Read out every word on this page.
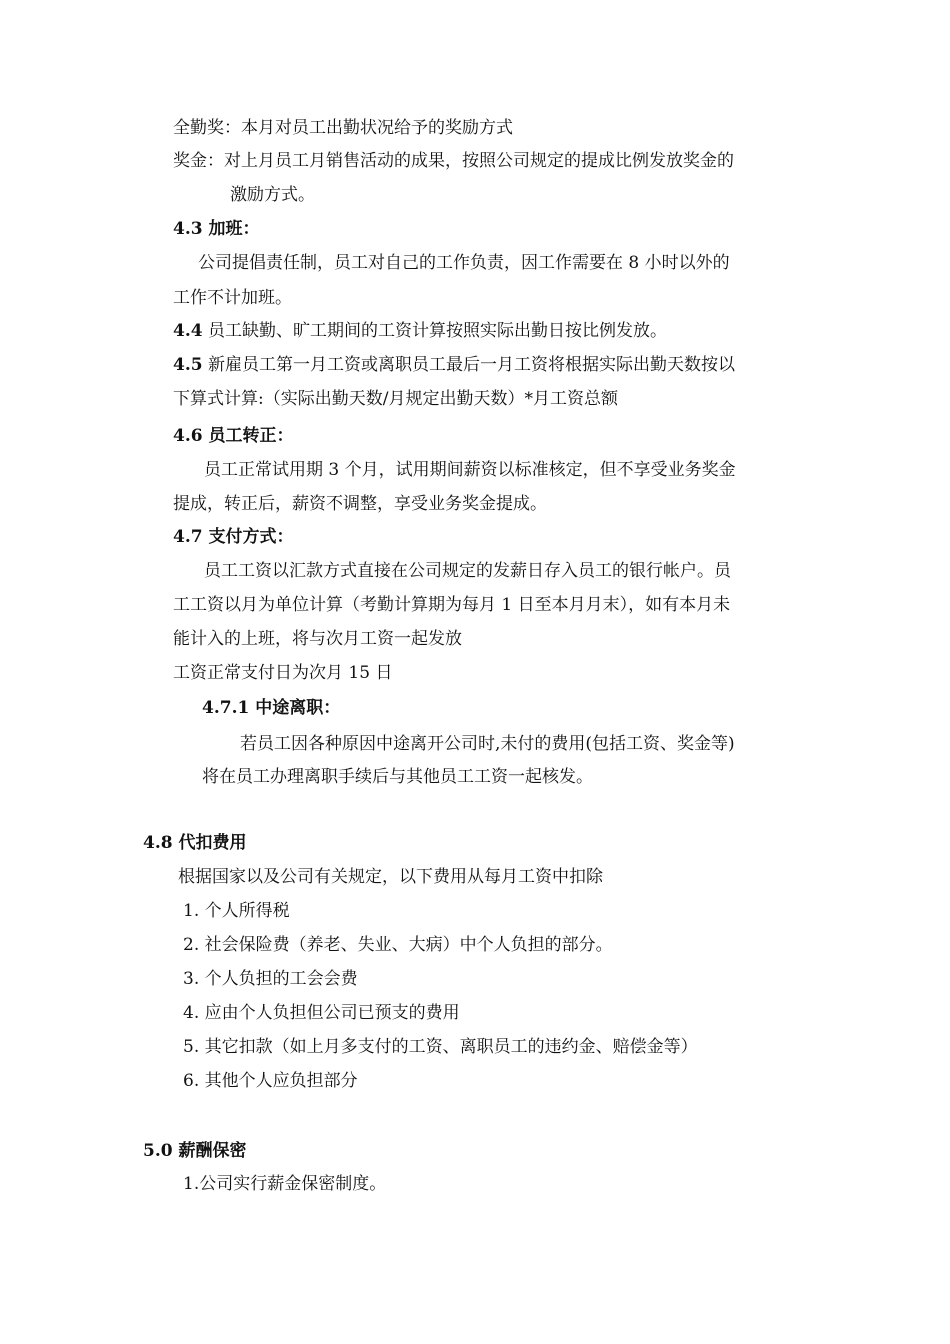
全勤奖：本月对员工出勤状况给予的奖励方式
奖金：对上月员工月销售活动的成果，按照公司规定的提成比例发放奖金的
激励方式。
4.3 加班：
公司提倡责任制，员工对自己的工作负责，因工作需要在 8 小时以外的
工作不计加班。
4.4 员工缺勤、旷工期间的工资计算按照实际出勤日按比例发放。
4.5 新雇员工第一月工资或离职员工最后一月工资将根据实际出勤天数按以
下算式计算:（实际出勤天数/月规定出勤天数）*月工资总额
4.6 员工转正：
员工正常试用期 3 个月，试用期间薪资以标准核定，但不享受业务奖金
提成，转正后，薪资不调整，享受业务奖金提成。
4.7 支付方式：
员工工资以汇款方式直接在公司规定的发薪日存入员工的银行帐户。员
工工资以月为单位计算（考勤计算期为每月 1 日至本月月末），如有本月未
能计入的上班，将与次月工资一起发放
工资正常支付日为次月 15 日
4.7.1 中途离职：
若员工因各种原因中途离开公司时,未付的费用(包括工资、奖金等)
将在员工办理离职手续后与其他员工工资一起核发。
4.8 代扣费用
根据国家以及公司有关规定，以下费用从每月工资中扣除
1. 个人所得税
2. 社会保险费（养老、失业、大病）中个人负担的部分。
3. 个人负担的工会会费
4. 应由个人负担但公司已预支的费用
5. 其它扣款（如上月多支付的工资、离职员工的违约金、赔偿金等）
6. 其他个人应负担部分
5.0 薪酬保密
1.公司实行薪金保密制度。
